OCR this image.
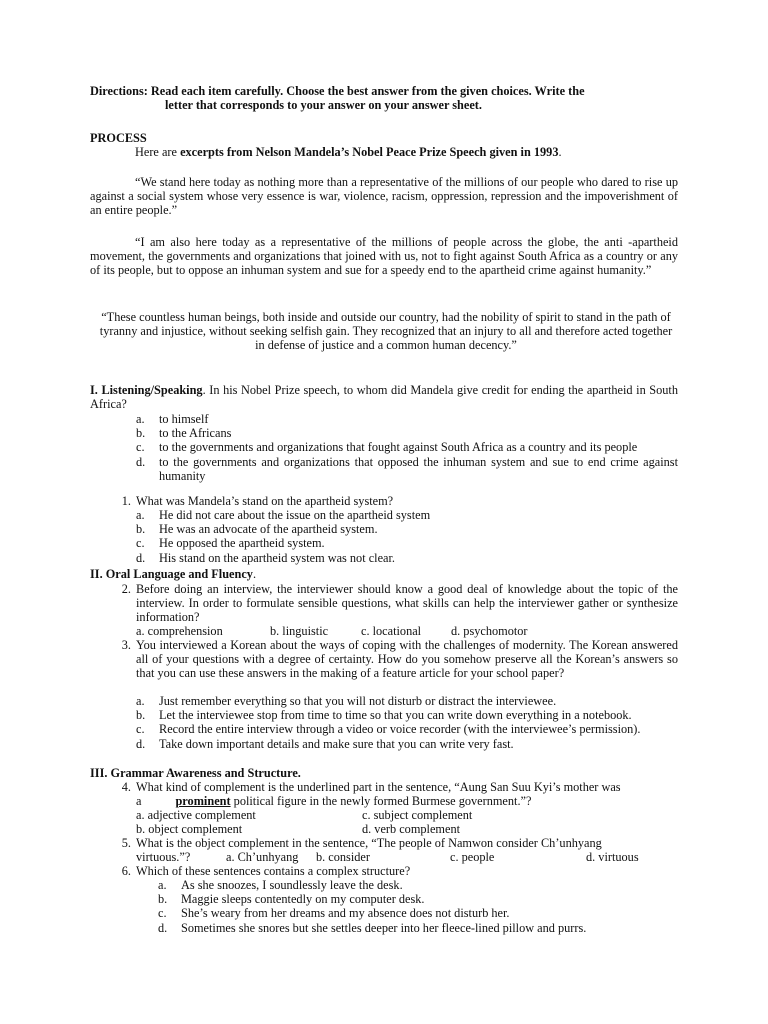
Directions: Read each item carefully. Choose the best answer from the given choices. Write the
letter that corresponds to your answer on your answer sheet.
PROCESS
Here are excerpts from Nelson Mandela’s Nobel Peace Prize Speech given in 1993.
“We stand here today as nothing more than a representative of the millions of our people who dared to rise up against a social system whose very essence is war, violence, racism, oppression, repression and the impoverishment of an entire people.”
“I am also here today as a representative of the millions of people across the globe, the anti -apartheid movement, the governments and organizations that joined with us, not to fight against South Africa as a country or any of its people, but to oppose an inhuman system and sue for a speedy end to the apartheid crime against humanity.”
“These countless human beings, both inside and outside our country, had the nobility of spirit to stand in the path of tyranny and injustice, without seeking selfish gain. They recognized that an injury to all and therefore acted together in defense of justice and a common human decency.”
I. Listening/Speaking. In his Nobel Prize speech, to whom did Mandela give credit for ending the apartheid in South Africa?
a.	to himself
b.	to the Africans
c.	to the governments and organizations that fought against South Africa as a country and its people
d.	to the governments and organizations that opposed the inhuman system and sue to end crime against humanity
1. What was Mandela’s stand on the apartheid system?
a.	He did not care about the issue on the apartheid system
b.	He was an advocate of the apartheid system.
c.	He opposed the apartheid system.
d.	His stand on the apartheid system was not clear.
II. Oral Language and Fluency.
2. Before doing an interview, the interviewer should know a good deal of knowledge about the topic of the interview. In order to formulate sensible questions, what skills can help the interviewer gather or synthesize information?
a. comprehension	b. linguistic	c. locational	d. psychomotor
3. You interviewed a Korean about the ways of coping with the challenges of modernity. The Korean answered all of your questions with a degree of certainty. How do you somehow preserve all the Korean’s answers so that you can use these answers in the making of a feature article for your school paper?
a.	Just remember everything so that you will not disturb or distract the interviewee.
b.	Let the interviewee stop from time to time so that you can write down everything in a notebook.
c.	Record the entire interview through a video or voice recorder (with the interviewee’s permission).
d.	Take down important details and make sure that you can write very fast.
III. Grammar Awareness and Structure.
4. What kind of complement is the underlined part in the sentence, “Aung San Suu Kyi’s mother was
a	prominent political figure in the newly formed Burmese government.”?
a. adjective complement	c. subject complement
b. object complement	d. verb complement
5. What is the object complement in the sentence, “The people of Namwon consider Ch’unhyang
virtuous.”?	a. Ch’unhyang	b. consider	c. people	d. virtuous
6. Which of these sentences contains a complex structure?
a.	As she snoozes, I soundlessly leave the desk.
b.	Maggie sleeps contentedly on my computer desk.
c.	She’s weary from her dreams and my absence does not disturb her.
d.	Sometimes she snores but she settles deeper into her fleece-lined pillow and purrs.
